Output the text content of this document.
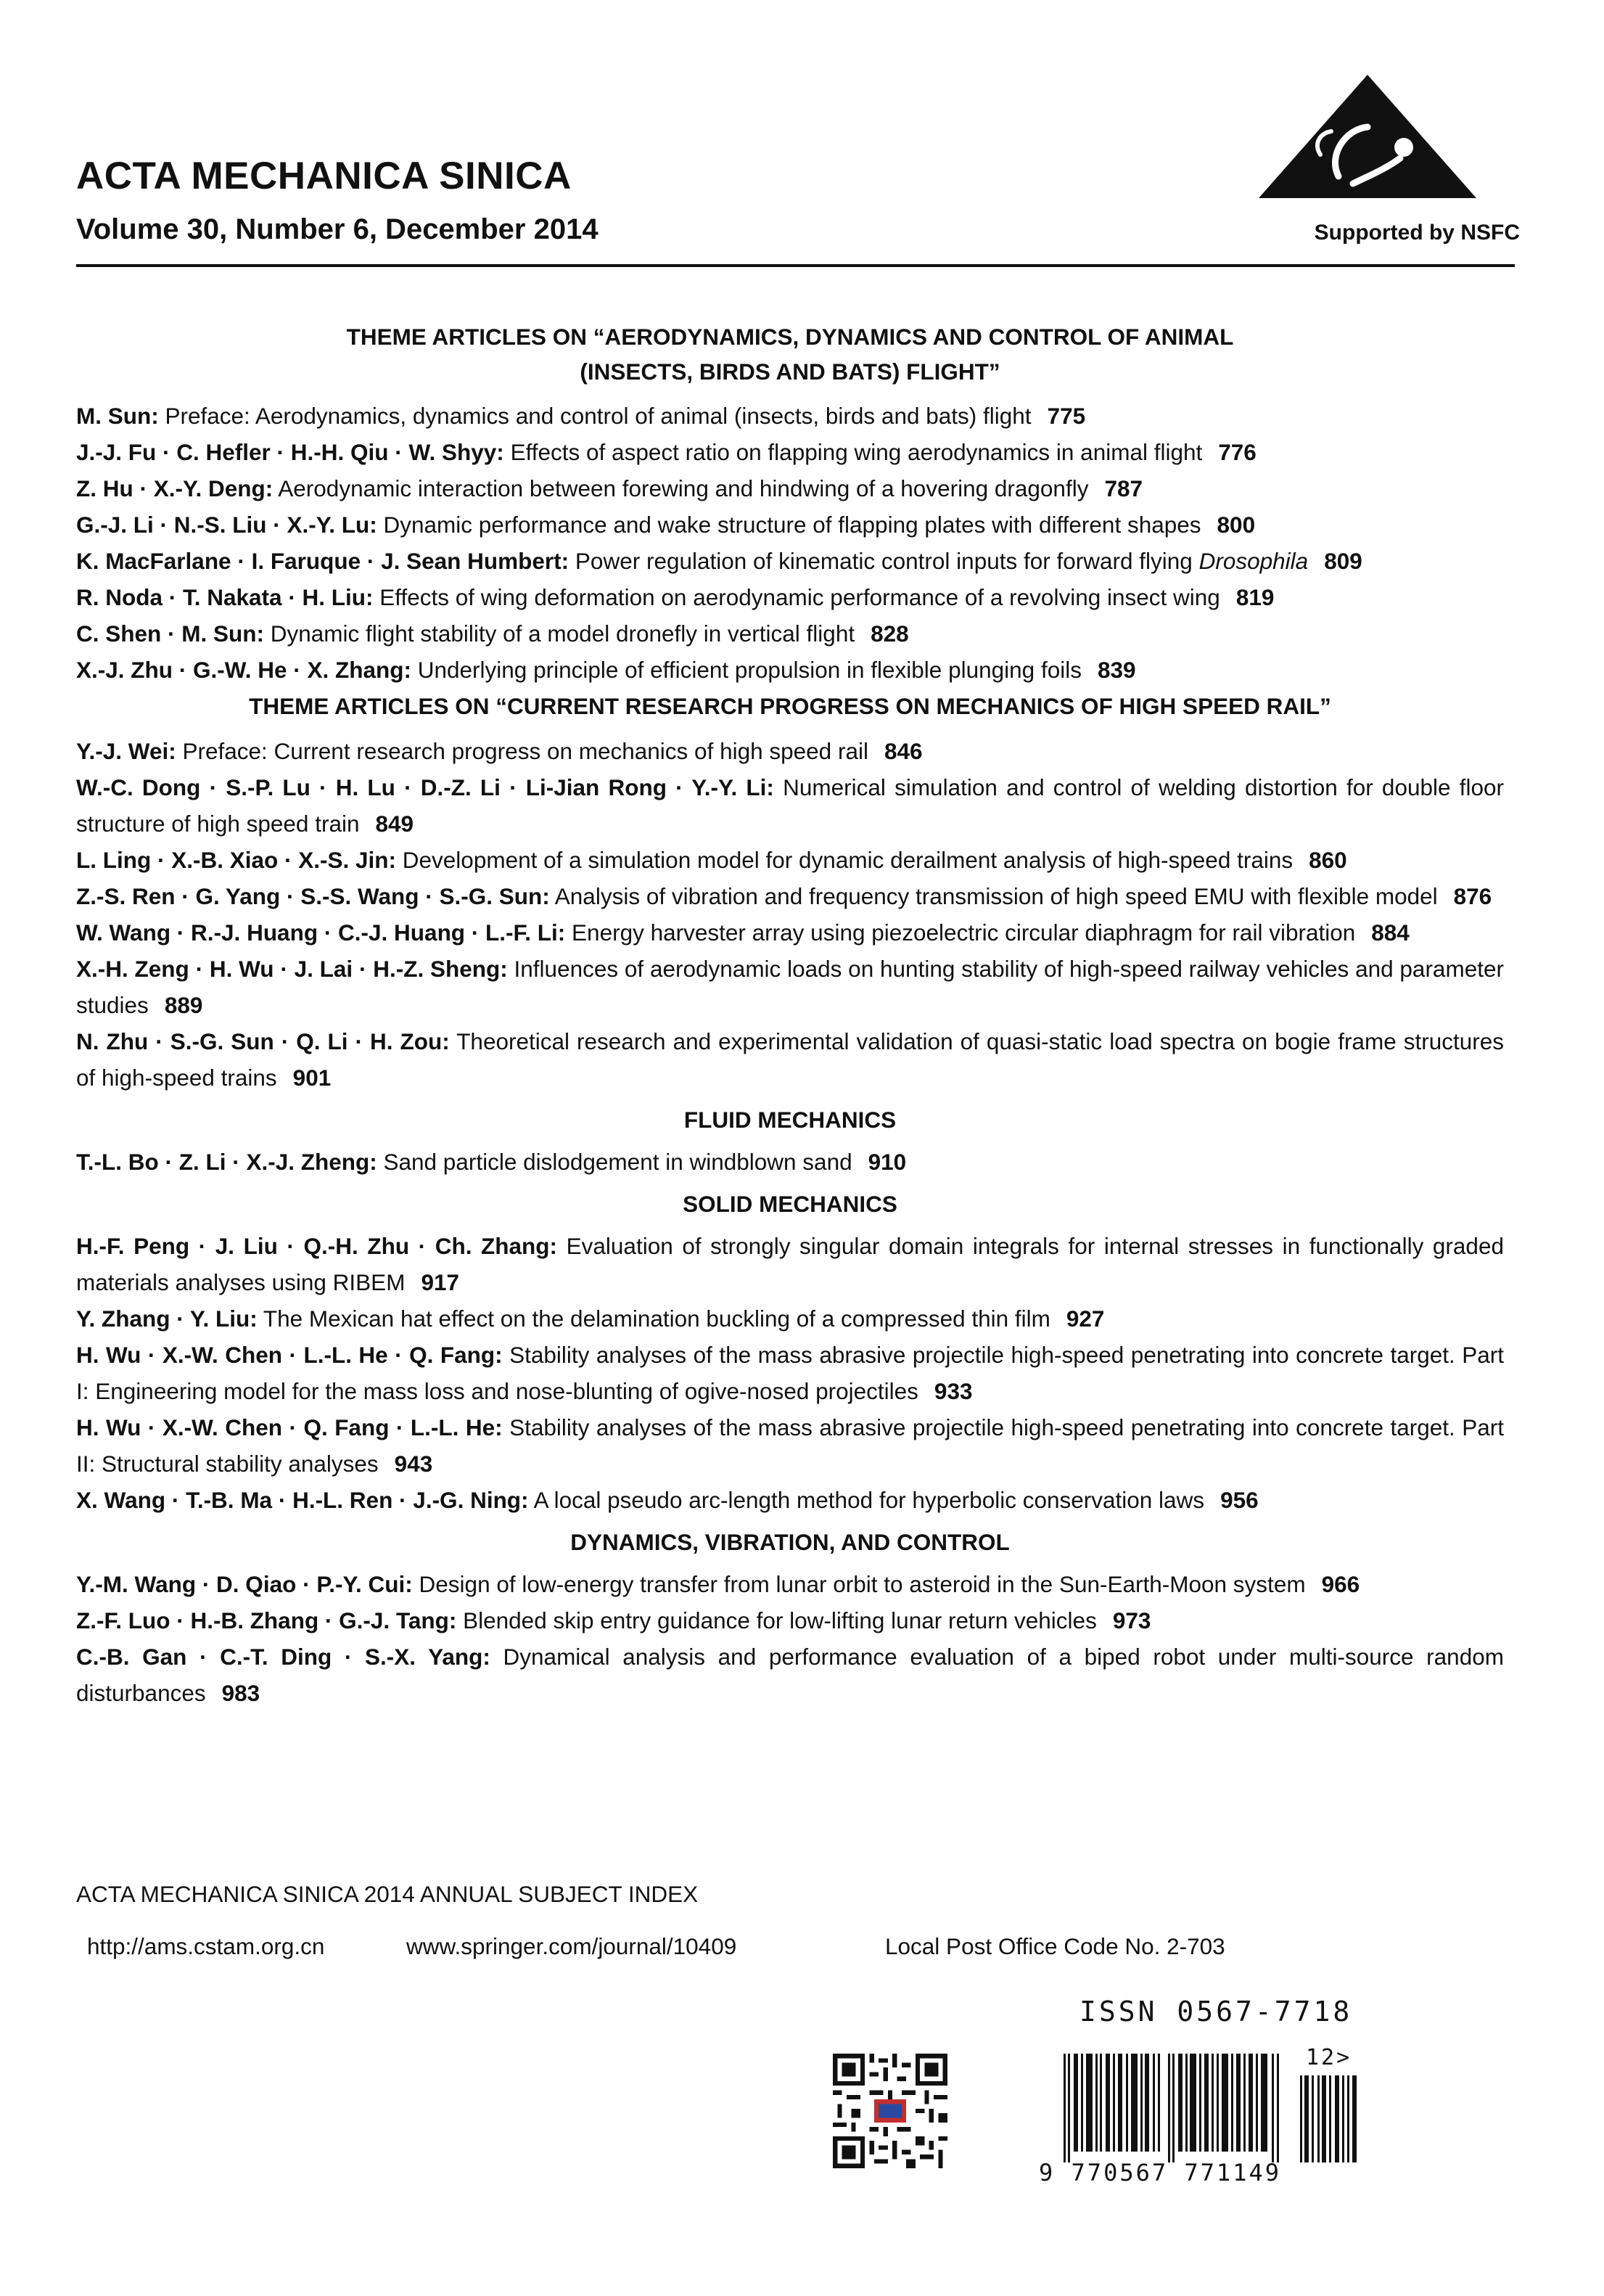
ACTA MECHANICA SINICA
Volume 30, Number 6, December 2014	Supported by NSFC
THEME ARTICLES ON “AERODYNAMICS, DYNAMICS AND CONTROL OF ANIMAL
(INSECTS, BIRDS AND BATS) FLIGHT”

M. Sun: Preface: Aerodynamics, dynamics and control of animal (insects, birds and bats) flight 775

J.-J. Fu · C. Hefler · H.-H. Qiu · W. Shyy: Effects of aspect ratio on flapping wing aerodynamics in animal flight 776

Z. Hu · X.-Y. Deng: Aerodynamic interaction between forewing and hindwing of a hovering dragonfly 787

G.-J. Li · N.-S. Liu · X.-Y. Lu: Dynamic performance and wake structure of flapping plates with different shapes 800

K. MacFarlane · I. Faruque · J. Sean Humbert: Power regulation of kinematic control inputs for forward flying Drosophila 809

R. Noda · T. Nakata · H. Liu: Effects of wing deformation on aerodynamic performance of a revolving insect wing 819

C. Shen · M. Sun: Dynamic flight stability of a model dronefly in vertical flight 828

X.-J. Zhu · G.-W. He · X. Zhang: Underlying principle of efficient propulsion in flexible plunging foils 839

THEME ARTICLES ON “CURRENT RESEARCH PROGRESS ON MECHANICS OF HIGH SPEED RAIL”

Y.-J. Wei: Preface: Current research progress on mechanics of high speed rail 846

W.-C. Dong · S.-P. Lu · H. Lu · D.-Z. Li · Li-Jian Rong · Y.-Y. Li: Numerical simulation and control of welding distortion for double floor structure of high speed train 849

L. Ling · X.-B. Xiao · X.-S. Jin: Development of a simulation model for dynamic derailment analysis of high-speed trains 860

Z.-S. Ren · G. Yang · S.-S. Wang · S.-G. Sun: Analysis of vibration and frequency transmission of high speed EMU with flexible model 876

W. Wang · R.-J. Huang · C.-J. Huang · L.-F. Li: Energy harvester array using piezoelectric circular diaphragm for rail vibration 884

X.-H. Zeng · H. Wu · J. Lai · H.-Z. Sheng: Influences of aerodynamic loads on hunting stability of high-speed railway vehicles and parameter studies 889

N. Zhu · S.-G. Sun · Q. Li · H. Zou: Theoretical research and experimental validation of quasi-static load spectra on bogie frame structures of high-speed trains 901

FLUID MECHANICS

T.-L. Bo · Z. Li · X.-J. Zheng: Sand particle dislodgement in windblown sand 910

SOLID MECHANICS

H.-F. Peng · J. Liu · Q.-H. Zhu · Ch. Zhang: Evaluation of strongly singular domain integrals for internal stresses in functionally graded materials analyses using RIBEM 917

Y. Zhang · Y. Liu: The Mexican hat effect on the delamination buckling of a compressed thin film 927

H. Wu · X.-W. Chen · L.-L. He · Q. Fang: Stability analyses of the mass abrasive projectile high-speed penetrating into concrete target. Part I: Engineering model for the mass loss and nose-blunting of ogive-nosed projectiles 933

H. Wu · X.-W. Chen · Q. Fang · L.-L. He: Stability analyses of the mass abrasive projectile high-speed penetrating into concrete target. Part II: Structural stability analyses 943

X. Wang · T.-B. Ma · H.-L. Ren · J.-G. Ning: A local pseudo arc-length method for hyperbolic conservation laws 956

DYNAMICS, VIBRATION, AND CONTROL

Y.-M. Wang · D. Qiao · P.-Y. Cui: Design of low-energy transfer from lunar orbit to asteroid in the Sun-Earth-Moon system 966

Z.-F. Luo · H.-B. Zhang · G.-J. Tang: Blended skip entry guidance for low-lifting lunar return vehicles 973

C.-B. Gan · C.-T. Ding · S.-X. Yang: Dynamical analysis and performance evaluation of a biped robot under multi-source random disturbances 983

ACTA MECHANICA SINICA 2014 ANNUAL SUBJECT INDEX
http://ams.cstam.org.cn	www.springer.com/journal/10409	Local Post Office Code No. 2-703
ISSN 0567-7718
9 770567 771149
12>
